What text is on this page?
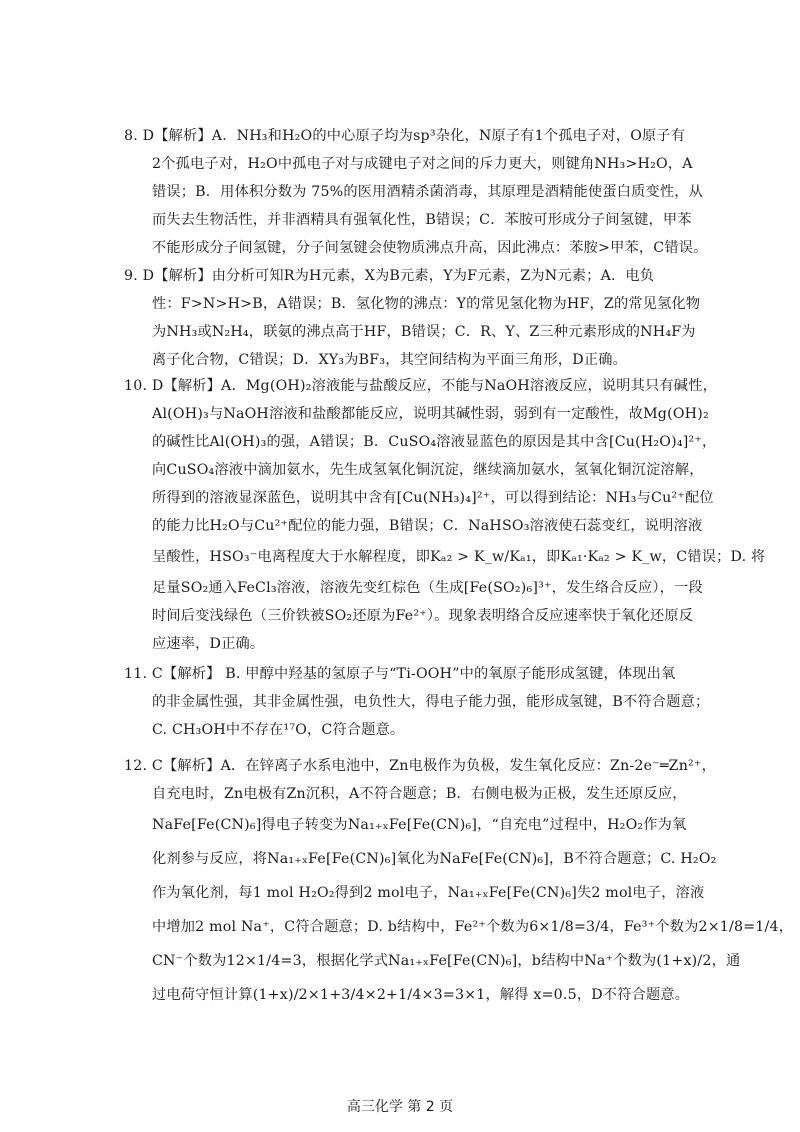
8. D【解析】A．NH₃和H₂O的中心原子均为sp³杂化，N原子有1个孤电子对，O原子有
2个孤电子对，H₂O中孤电子对与成键电子对之间的斥力更大，则键角NH₃>H₂O，A
错误；B．用体积分数为 75%的医用酒精杀菌消毒，其原理是酒精能使蛋白质变性，从
而失去生物活性，并非酒精具有强氧化性，B错误；C．苯胺可形成分子间氢键，甲苯
不能形成分子间氢键，分子间氢键会使物质沸点升高，因此沸点：苯胺>甲苯，C错误。
9. D【解析】由分析可知R为H元素，X为B元素，Y为F元素，Z为N元素；A．电负
性：F>N>H>B，A错误；B．氢化物的沸点：Y的常见氢化物为HF，Z的常见氢化物
为NH₃或N₂H₄，联氨的沸点高于HF，B错误；C．R、Y、Z三种元素形成的NH₄F为
离子化合物，C错误；D．XY₃为BF₃，其空间结构为平面三角形，D正确。
10. D【解析】A．Mg(OH)₂溶液能与盐酸反应，不能与NaOH溶液反应，说明其只有碱性，
Al(OH)₃与NaOH溶液和盐酸都能反应，说明其碱性弱，弱到有一定酸性，故Mg(OH)₂
的碱性比Al(OH)₃的强，A错误；B．CuSO₄溶液显蓝色的原因是其中含[Cu(H₂O)₄]²⁺，
向CuSO₄溶液中滴加氨水，先生成氢氧化铜沉淀，继续滴加氨水，氢氧化铜沉淀溶解，
所得到的溶液显深蓝色，说明其中含有[Cu(NH₃)₄]²⁺，可以得到结论：NH₃与Cu²⁺配位
的能力比H₂O与Cu²⁺配位的能力强，B错误；C．NaHSO₃溶液使石蕊变红，说明溶液
呈酸性，HSO₃⁻电离程度大于水解程度，即Kₐ₂ > K_w/Kₐ₁，即Kₐ₁·Kₐ₂ > K_w，C错误；D. 将
足量SO₂通入FeCl₃溶液，溶液先变红棕色（生成[Fe(SO₂)₆]³⁺，发生络合反应），一段
时间后变浅绿色（三价铁被SO₂还原为Fe²⁺）。现象表明络合反应速率快于氧化还原反
应速率，D正确。
11. C【解析】 B. 甲醇中羟基的氢原子与“Ti-OOH”中的氧原子能形成氢键，体现出氧
的非金属性强，其非金属性强，电负性大，得电子能力强，能形成氢键，B不符合题意；
C. CH₃OH中不存在¹⁷O，C符合题意。
12. C【解析】A．在锌离子水系电池中，Zn电极作为负极，发生氧化反应：Zn-2e⁻═Zn²⁺，
自充电时，Zn电极有Zn沉积，A不符合题意；B．右侧电极为正极，发生还原反应，
NaFe[Fe(CN)₆]得电子转变为Na₁₊ₓFe[Fe(CN)₆]，“自充电”过程中，H₂O₂作为氧
化剂参与反应，将Na₁₊ₓFe[Fe(CN)₆]氧化为NaFe[Fe(CN)₆]，B不符合题意；C. H₂O₂
作为氧化剂，每1 mol H₂O₂得到2 mol电子，Na₁₊ₓFe[Fe(CN)₆]失2 mol电子，溶液
中增加2 mol Na⁺，C符合题意；D. b结构中，Fe²⁺个数为6×1/8=3/4，Fe³⁺个数为2×1/8=1/4，
CN⁻个数为12×1/4=3，根据化学式Na₁₊ₓFe[Fe(CN)₆]，b结构中Na⁺个数为(1+x)/2，通
过电荷守恒计算(1+x)/2×1+3/4×2+1/4×3=3×1，解得 x=0.5，D不符合题意。
高三化学 第 2 页
